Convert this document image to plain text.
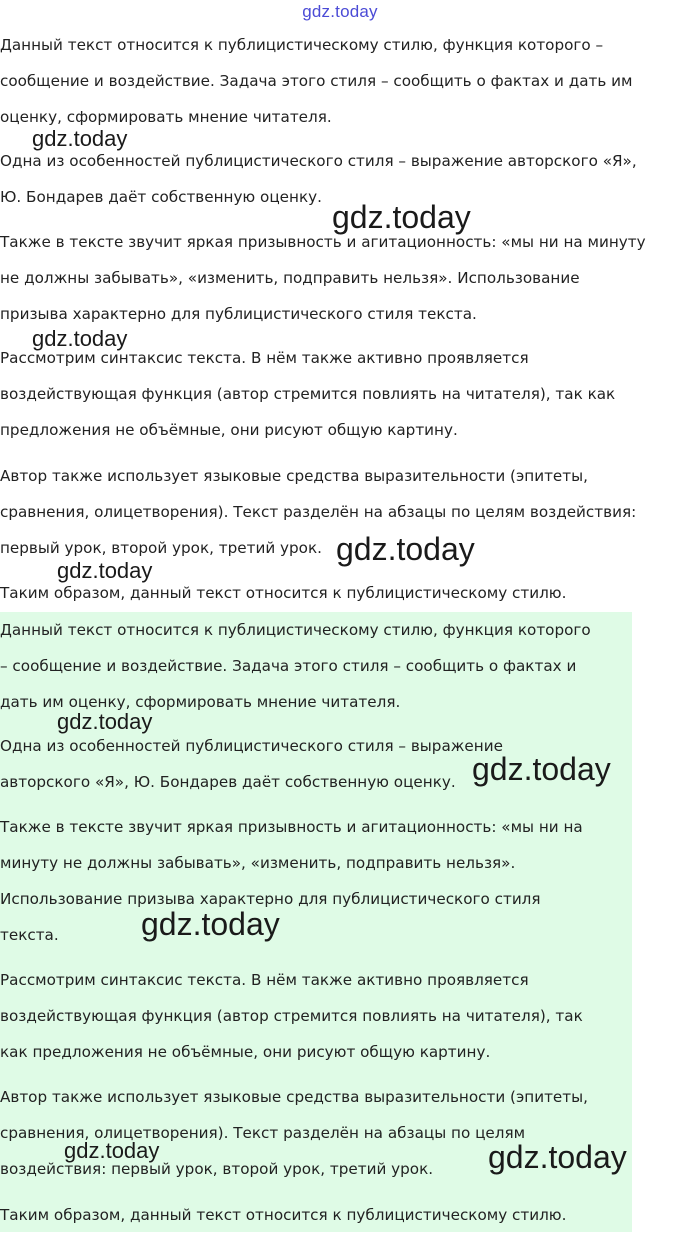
gdz.today
Данный текст относится к публицистическому стилю, функция которого –
сообщение и воздействие. Задача этого стиля – сообщить о фактах и дать им
оценку, сформировать мнение читателя.
Одна из особенностей публицистического стиля – выражение авторского «Я»,
Ю. Бондарев даёт собственную оценку.
Также в тексте звучит яркая призывность и агитационность: «мы ни на минуту
не должны забывать», «изменить, подправить нельзя». Использование
призыва характерно для публицистического стиля текста.
Рассмотрим синтаксис текста. В нём также активно проявляется
воздействующая функция (автор стремится повлиять на читателя), так как
предложения не объёмные, они рисуют общую картину.
Автор также использует языковые средства выразительности (эпитеты,
сравнения, олицетворения). Текст разделён на абзацы по целям воздействия:
первый урок, второй урок, третий урок.
Таким образом, данный текст относится к публицистическому стилю.
Данный текст относится к публицистическому стилю, функция которого
– сообщение и воздействие. Задача этого стиля – сообщить о фактах и
дать им оценку, сформировать мнение читателя.
Одна из особенностей публицистического стиля – выражение
авторского «Я», Ю. Бондарев даёт собственную оценку.
Также в тексте звучит яркая призывность и агитационность: «мы ни на
минуту не должны забывать», «изменить, подправить нельзя».
Использование призыва характерно для публицистического стиля
текста.
Рассмотрим синтаксис текста. В нём также активно проявляется
воздействующая функция (автор стремится повлиять на читателя), так
как предложения не объёмные, они рисуют общую картину.
Автор также использует языковые средства выразительности (эпитеты,
сравнения, олицетворения). Текст разделён на абзацы по целям
воздействия: первый урок, второй урок, третий урок.
Таким образом, данный текст относится к публицистическому стилю.
gdz.today
gdz.today
gdz.today
gdz.today
gdz.today
gdz.today
gdz.today
gdz.today
gdz.today	gdz.today
